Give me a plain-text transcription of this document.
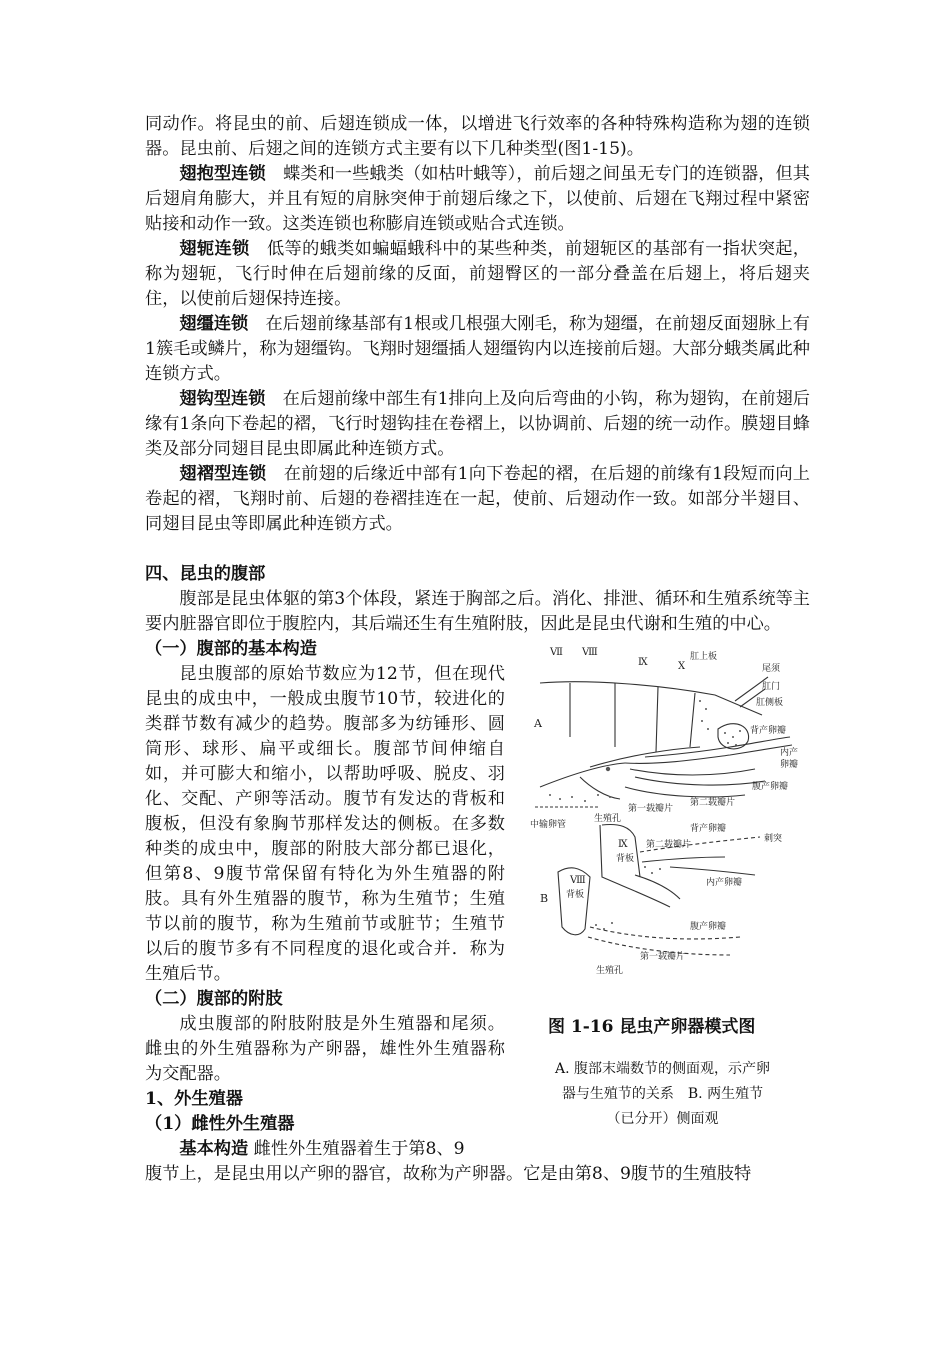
同动作。将昆虫的前、后翅连锁成一体，以增进飞行效率的各种特殊构造称为翅的连锁器。昆虫前、后翅之间的连锁方式主要有以下几种类型(图1-15)。

翅抱型连锁　 蝶类和一些蛾类（如枯叶蛾等），前后翅之间虽无专门的连锁器，但其后翅肩角膨大，并且有短的肩脉突伸于前翅后缘之下，以使前、后翅在飞翔过程中紧密贴接和动作一致。这类连锁也称膨肩连锁或贴合式连锁。

翅轭连锁　 低等的蛾类如蝙蝠蛾科中的某些种类，前翅轭区的基部有一指状突起，称为翅轭，飞行时伸在后翅前缘的反面，前翅臀区的一部分叠盖在后翅上，将后翅夹住，以使前后翅保持连接。

翅缰连锁　 在后翅前缘基部有1根或几根强大刚毛，称为翅缰，在前翅反面翅脉上有1簇毛或鳞片，称为翅缰钩。飞翔时翅缰插人翅缰钩内以连接前后翅。大部分蛾类属此种连锁方式。

翅钩型连锁　 在后翅前缘中部生有1排向上及向后弯曲的小钩，称为翅钩，在前翅后缘有1条向下卷起的褶，飞行时翅钩挂在卷褶上，以协调前、后翅的统一动作。膜翅目蜂类及部分同翅目昆虫即属此种连锁方式。

翅褶型连锁　 在前翅的后缘近中部有1向下卷起的褶，在后翅的前缘有1段短而向上卷起的褶，飞翔时前、后翅的卷褶挂连在一起，使前、后翅动作一致。如部分半翅目、同翅目昆虫等即属此种连锁方式。

四、昆虫的腹部

腹部是昆虫体躯的第3个体段，紧连于胸部之后。消化、排泄、循环和生殖系统等主要内脏器官即位于腹腔内，其后端还生有生殖附肢，因此是昆虫代谢和生殖的中心。

（一）腹部的基本构造

昆虫腹部的原始节数应为12节，但在现代昆虫的成虫中，一般成虫腹节10节，较进化的类群节数有减少的趋势。腹部多为纺锤形、圆筒形、球形、扁平或细长。腹部节间伸缩自如，并可膨大和缩小，以帮助呼吸、脱皮、羽化、交配、产卵等活动。腹节有发达的背板和腹板，但没有象胸节那样发达的侧板。在多数种类的成虫中，腹部的附肢大部分都已退化，但第8、9腹节常保留有特化为外生殖器的附肢。具有外生殖器的腹节，称为生殖节；生殖节以前的腹节，称为生殖前节或脏节；生殖节以后的腹节多有不同程度的退化或合并．称为生殖后节。

（二）腹部的附肢

成虫腹部的附肢附肢是外生殖器和尾须。雌虫的外生殖器称为产卵器，雄性外生殖器称为交配器。

1、外生殖器
（1）雌性外生殖器

基本构造 雌性外生殖器着生于第8、9

Ⅶ Ⅷ
Ⅸ	Ⅹ
A
肛上板
尾须
肛门
肛侧板
背产卵瓣
内产
卵瓣
腹产卵瓣
第二载瓣片
第一载瓣片
中输卵管
生殖孔
B
背产卵瓣
第二载瓣片
刺突
Ⅸ
背板
Ⅷ
背板
内产卵瓣
腹产卵瓣
第一载瓣片
生殖孔
图 1-16 昆虫产卵器模式图
A. 腹部末端数节的侧面观，示产卵
器与生殖节的关系　B. 两生殖节
（已分开）侧面观

腹节上，是昆虫用以产卵的器官，故称为产卵器。它是由第8、9腹节的生殖肢特
